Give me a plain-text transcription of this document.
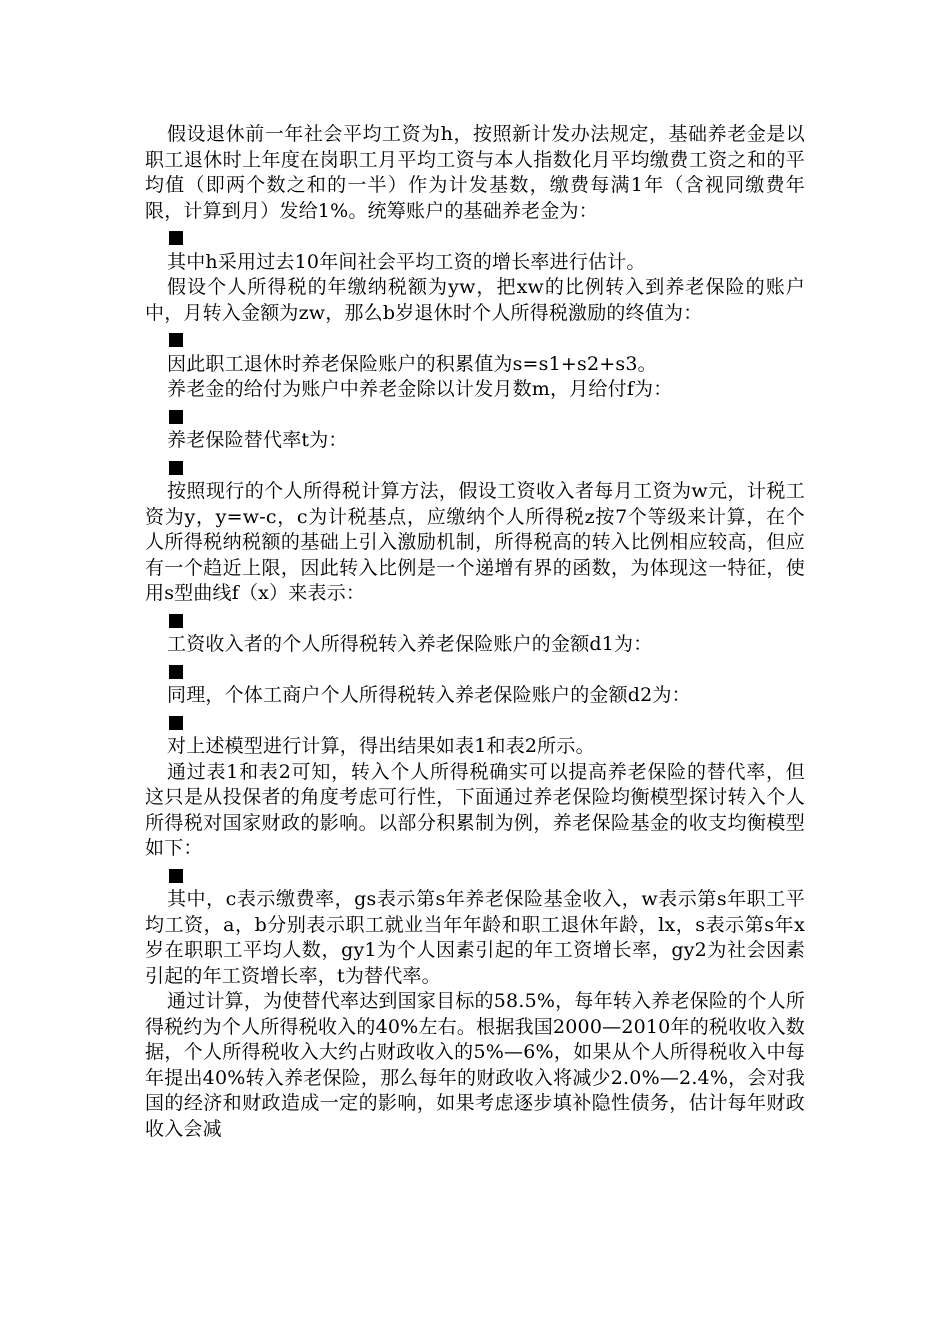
假设退休前一年社会平均工资为h，按照新计发办法规定，基础养老金是以职工退休时上年度在岗职工月平均工资与本人指数化月平均缴费工资之和的平均值（即两个数之和的一半）作为计发基数，缴费每满1年（含视同缴费年限，计算到月）发给1%。统筹账户的基础养老金为：

其中h采用过去10年间社会平均工资的增长率进行估计。

假设个人所得税的年缴纳税额为yw，把xw的比例转入到养老保险的账户中，月转入金额为zw，那么b岁退休时个人所得税激励的终值为：

因此职工退休时养老保险账户的积累值为s=s1+s2+s3。

养老金的给付为账户中养老金除以计发月数m，月给付f为：

养老保险替代率t为：

按照现行的个人所得税计算方法，假设工资收入者每月工资为w元，计税工资为y，y=w-c，c为计税基点，应缴纳个人所得税z按7个等级来计算，在个人所得税纳税额的基础上引入激励机制，所得税高的转入比例相应较高，但应有一个趋近上限，因此转入比例是一个递增有界的函数，为体现这一特征，使用s型曲线f（x）来表示：

工资收入者的个人所得税转入养老保险账户的金额d1为：

同理，个体工商户个人所得税转入养老保险账户的金额d2为：

对上述模型进行计算，得出结果如表1和表2所示。

通过表1和表2可知，转入个人所得税确实可以提高养老保险的替代率，但这只是从投保者的角度考虑可行性，下面通过养老保险均衡模型探讨转入个人所得税对国家财政的影响。以部分积累制为例，养老保险基金的收支均衡模型如下：

其中，c表示缴费率，gs表示第s年养老保险基金收入，w表示第s年职工平均工资，a，b分别表示职工就业当年年龄和职工退休年龄，lx，s表示第s年x岁在职职工平均人数，gy1为个人因素引起的年工资增长率，gy2为社会因素引起的年工资增长率，t为替代率。

通过计算，为使替代率达到国家目标的58.5%，每年转入养老保险的个人所得税约为个人所得税收入的40%左右。根据我国2000—2010年的税收收入数据，个人所得税收入大约占财政收入的5%—6%，如果从个人所得税收入中每年提出40%转入养老保险，那么每年的财政收入将减少2.0%—2.4%，会对我国的经济和财政造成一定的影响，如果考虑逐步填补隐性债务，估计每年财政收入会减
